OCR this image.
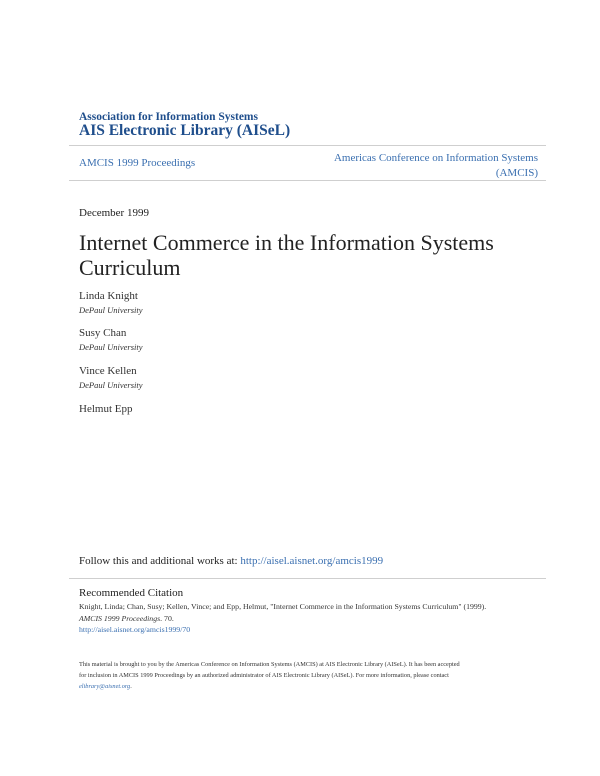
Association for Information Systems
AIS Electronic Library (AISeL)
AMCIS 1999 Proceedings	Americas Conference on Information Systems
(AMCIS)
December 1999
Internet Commerce in the Information Systems
Curriculum
Linda Knight
DePaul University
Susy Chan
DePaul University
Vince Kellen
DePaul University
Helmut Epp
Follow this and additional works at: http://aisel.aisnet.org/amcis1999
Recommended Citation
Knight, Linda; Chan, Susy; Kellen, Vince; and Epp, Helmut, "Internet Commerce in the Information Systems Curriculum" (1999).
AMCIS 1999 Proceedings. 70.
http://aisel.aisnet.org/amcis1999/70
This material is brought to you by the Americas Conference on Information Systems (AMCIS) at AIS Electronic Library (AISeL). It has been accepted
for inclusion in AMCIS 1999 Proceedings by an authorized administrator of AIS Electronic Library (AISeL). For more information, please contact
elibrary@aisnet.org.
